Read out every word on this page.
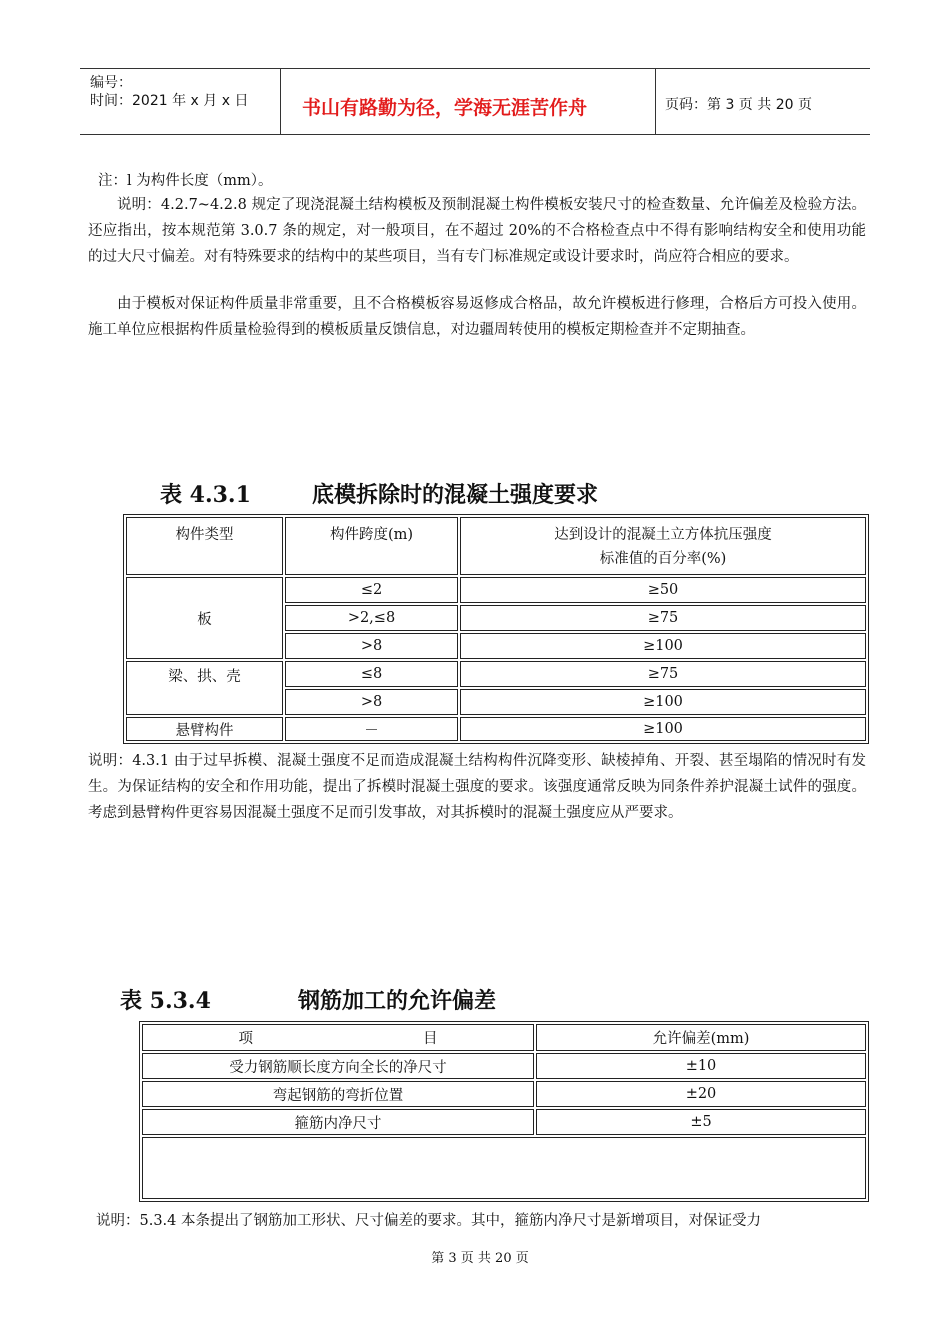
编号：
时间：2021 年 x 月 x 日	书山有路勤为径，学海无涯苦作舟	页码：第 3 页 共 20 页
注：l 为构件长度（mm）。
说明：4.2.7~4.2.8 规定了现浇混凝土结构模板及预制混凝土构件模板安装尺寸的检查数量、允许偏差及检验方法。还应指出，按本规范第 3.0.7 条的规定，对一般项目，在不超过 20%的不合格检查点中不得有影响结构安全和使用功能的过大尺寸偏差。对有特殊要求的结构中的某些项目，当有专门标准规定或设计要求时，尚应符合相应的要求。
由于模板对保证构件质量非常重要，且不合格模板容易返修成合格品，故允许模板进行修理，合格后方可投入使用。施工单位应根据构件质量检验得到的模板质量反馈信息，对边疆周转使用的模板定期检查并不定期抽查。
表 4.3.1	底模拆除时的混凝土强度要求
构件类型	构件跨度(m)	达到设计的混凝土立方体抗压强度
标准值的百分率(%)
板	≤2	≥50
	>2,≤8	≥75
	>8	≥100
梁、拱、壳	≤8	≥75
	>8	≥100
悬臂构件	－	≥100
说明：4.3.1 由于过早拆模、混凝土强度不足而造成混凝土结构构件沉降变形、缺棱掉角、开裂、甚至塌陷的情况时有发生。为保证结构的安全和作用功能，提出了拆模时混凝土强度的要求。该强度通常反映为同条件养护混凝土试件的强度。考虑到悬臂构件更容易因混凝土强度不足而引发事故，对其拆模时的混凝土强度应从严要求。
表 5.3.4	钢筋加工的允许偏差
项 目	允许偏差(mm)
受力钢筋顺长度方向全长的净尺寸	±10
弯起钢筋的弯折位置	±20
箍筋内净尺寸	±5

说明：5.3.4 本条提出了钢筋加工形状、尺寸偏差的要求。其中，箍筋内净尺寸是新增项目，对保证受力
第 3 页 共 20 页
